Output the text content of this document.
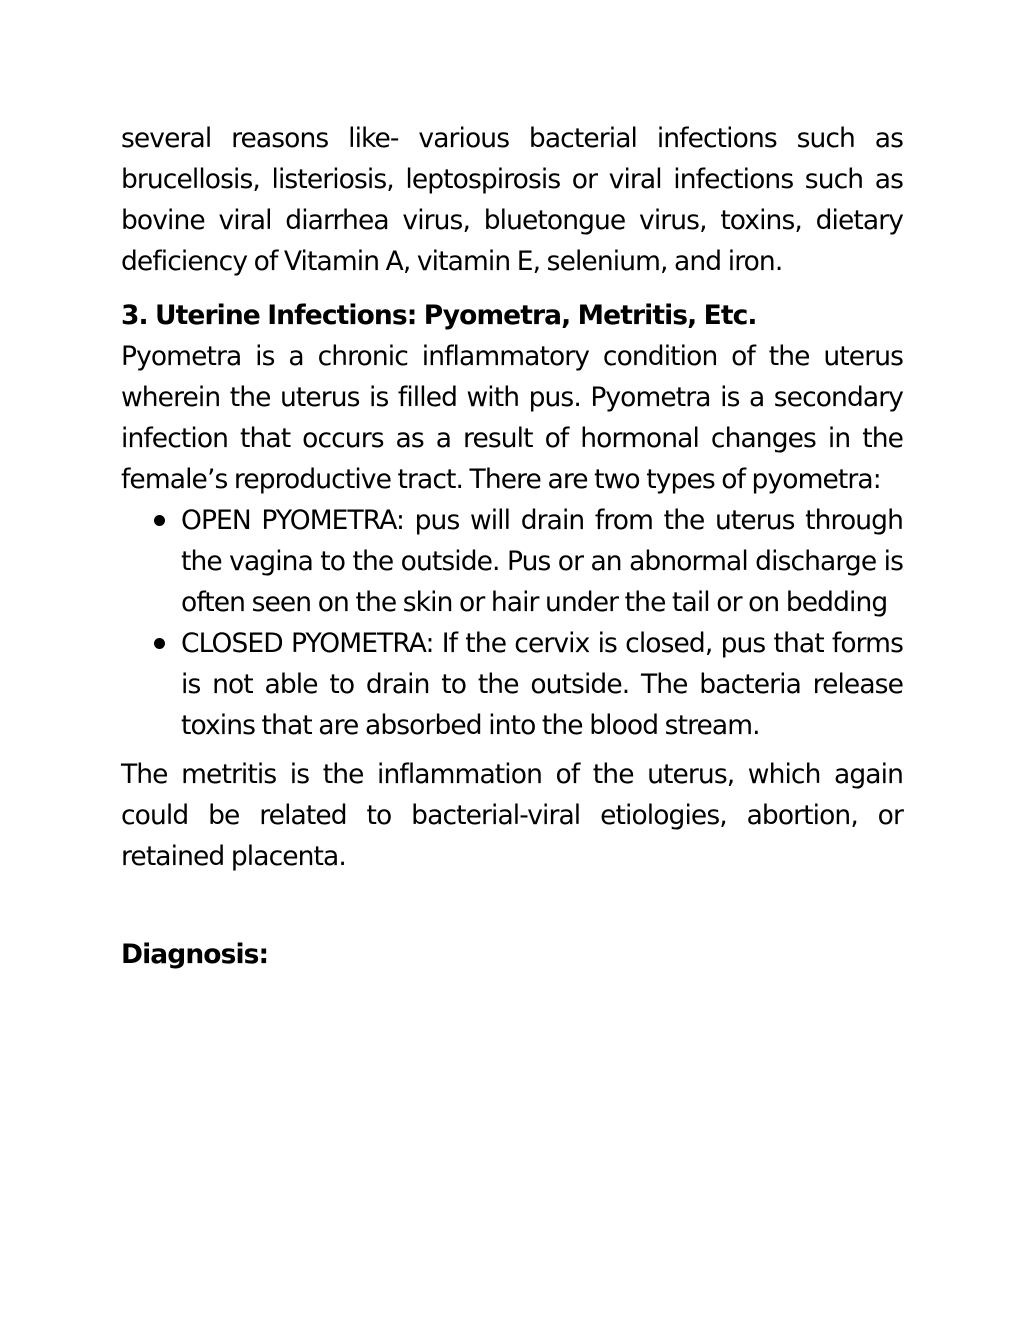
several reasons like- various bacterial infections such as brucellosis, listeriosis, leptospirosis or viral infections such as bovine viral diarrhea virus, bluetongue virus, toxins, dietary deficiency of Vitamin A, vitamin E, selenium, and iron.

3. Uterine Infections: Pyometra, Metritis, Etc.

Pyometra is a chronic inflammatory condition of the uterus wherein the uterus is filled with pus. Pyometra is a secondary infection that occurs as a result of hormonal changes in the female’s reproductive tract. There are two types of pyometra:

OPEN PYOMETRA: pus will drain from the uterus through the vagina to the outside. Pus or an abnormal discharge is often seen on the skin or hair under the tail or on bedding
CLOSED PYOMETRA: If the cervix is closed, pus that forms is not able to drain to the outside. The bacteria release toxins that are absorbed into the blood stream.

The metritis is the inflammation of the uterus, which again could be related to bacterial-viral etiologies, abortion, or retained placenta.

Diagnosis:
